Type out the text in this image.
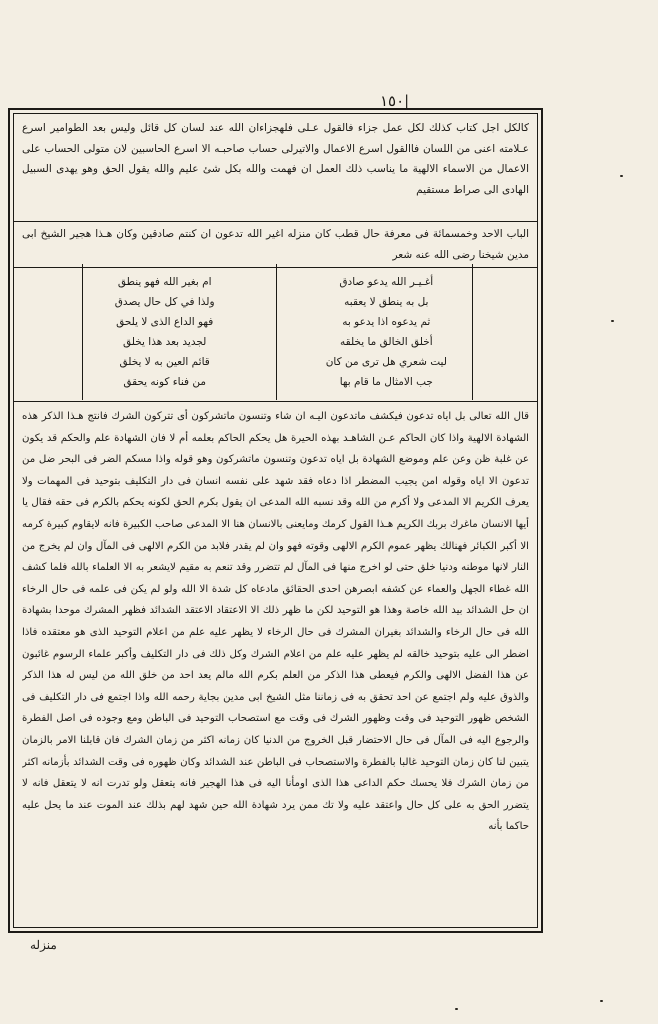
|١٥٠

كالكل اجل كتاب كذلك لكل عمل جزاء فالقول عـلى فلهجزاءان الله عند لسان كل قائل وليس بعد الطوامير اسرع عـلامته اعنى من اللسان فاالقول اسرع الاعمال والاتيرلى حساب صاحبـه الا اسرع الحاسبين لان متولى الحساب على الاعمال من الاسماء الالهية ما يناسب ذلك العمل ان فهمت والله بكل شئ عليم والله يقول الحق وهو يهدى السبيل الهادى الى صراط مستقيم

الباب الاحد وخمسمائة فى معرفة حال قطب كان منزله اغير الله تدعون ان كنتم صادقين وكان هـذا هجير الشيخ ابى مدين شيخنا رضى الله عنه شعر

أغـيـر الله يدعو صادق
بل به ينطق لا يعقبه
ثم يدعوه اذا يدعو به
أخلق الخالق ما يخلقه
ليت شعري هل ترى من كان
جب الامثال ما قام بها
ام بغير الله فهو ينطق
ولذا في كل حال يصدق
فهو الداع الذى لا يلحق
لجديد بعد هذا يخلق
قائم العين به لا يخلق
من فناء كونه يحقق

قال الله تعالى بل اياه تدعون فيكشف ماتدعون اليـه ان شاء وتنسون ماتشركون أى تتركون الشرك فانتج هـذا الذكر هذه الشهادة الالهية واذا كان الحاكم عـن الشاهـد بهذه الحيرة هل يحكم الحاكم بعلمه أم لا فان الشهادة علم والحكم قد يكون عن غلبة ظن وعن علم وموضع الشهادة بل اياه تدعون وتنسون ماتشركون وهو قوله واذا مسكم الضر فى البحر ضل من تدعون الا اياه وقوله امن يجيب المضطر اذا دعاه فقد شهد على نفسه انسان فى دار التكليف بتوحيد فى المهمات ولا يعرف الكريم الا المدعى ولا أكرم من الله وقد نسبه الله المدعى ان يقول بكرم الحق لكونه يحكم بالكرم فى حقه فقال يا أيها الانسان ماغرك بربك الكريم هـذا القول كرمك ومايعنى بالانسان هنا الا المدعى صاحب الكبيرة فانه لايقاوم كبيرة كرمه الا أكبر الكبائر فهنالك يظهر عموم الكرم الالهى وقوته فهو وان لم يقدر فلابد من الكرم الالهى فى المآل وان لم يخرج من النار لانها موطنه ودنيا خلق حتى لو اخرج منها فى المآل لم تتضرر وقد تنعم به مقيم لايشعر به الا العلماء بالله فلما كشف الله غطاء الجهل والعماء عن كشفه ابصرهن احدى الحقائق مادعاه كل شدة الا الله ولو لم يكن فى علمه فى حال الرخاء ان حل الشدائد بيد الله خاصة وهذا هو التوحيد لكن ما ظهر ذلك الا الاعتقاد الاعتقد الشدائد فظهر المشرك موحدا بشهادة الله فى حال الرخاء والشدائد بغيران المشرك فى حال الرخاء لا يظهر عليه علم من اعلام التوحيد الذى هو معتقده فاذا اضطر الى عليه بتوحيد خالقه لم يظهر عليه علم من اعلام الشرك وكل ذلك فى دار التكليف وأكبر علماء الرسوم غائبون عن هذا الفضل الالهى والكرم فيعطى هذا الذكر من العلم بكرم الله مالم يعد احد من خلق الله من ليس له هذا الذكر والذوق عليه ولم اجتمع عن احد تحقق به فى زماننا مثل الشيخ ابى مدين بجاية رحمه الله واذا اجتمع فى دار التكليف فى الشخص ظهور التوحيد فى وقت وظهور الشرك فى وقت مع استصحاب التوحيد فى الباطن ومع وجوده فى اصل الفطرة والرجوع اليه فى المآل فى حال الاحتضار قبل الخروج من الدنيا كان زمانه اكثر من زمان الشرك فان قابلنا الامر بالزمان يتبين لنا كان زمان التوحيد غالبا بالفطرة والاستصحاب فى الباطن عند الشدائد وكان ظهوره فى وقت الشدائد بأزمانه اكثر من زمان الشرك فلا يحسك حكم الداعى هذا الذى اومأنا اليه فى هذا الهجير فانه يتعقل ولو تدرت انه لا يتعقل فانه لا يتضرر الحق به على كل حال واعتقد عليه ولا تك ممن يرد شهادة الله حين شهد لهم بذلك عند الموت عند ما يحل عليه حاكما بأنه

منزله
